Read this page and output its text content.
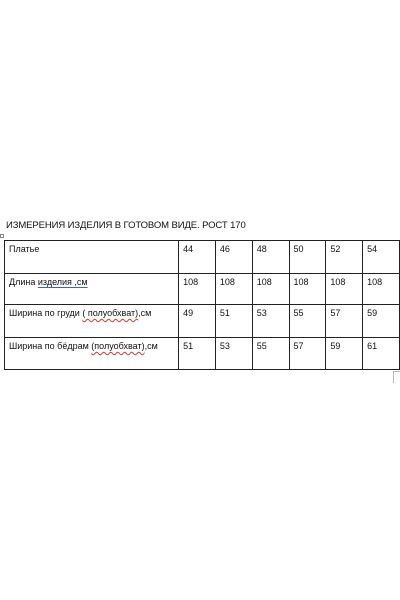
ИЗМЕРЕНИЯ ИЗДЕЛИЯ В ГОТОВОМ ВИДЕ. РОСТ 170
Платье	44	46	48	50	52	54
Длина изделия ,см	108	108	108	108	108	108
Ширина по груди ( полуобхват),см	49	51	53	55	57	59
Ширина по бёдрам (полуобхват),см	51	53	55	57	59	61
